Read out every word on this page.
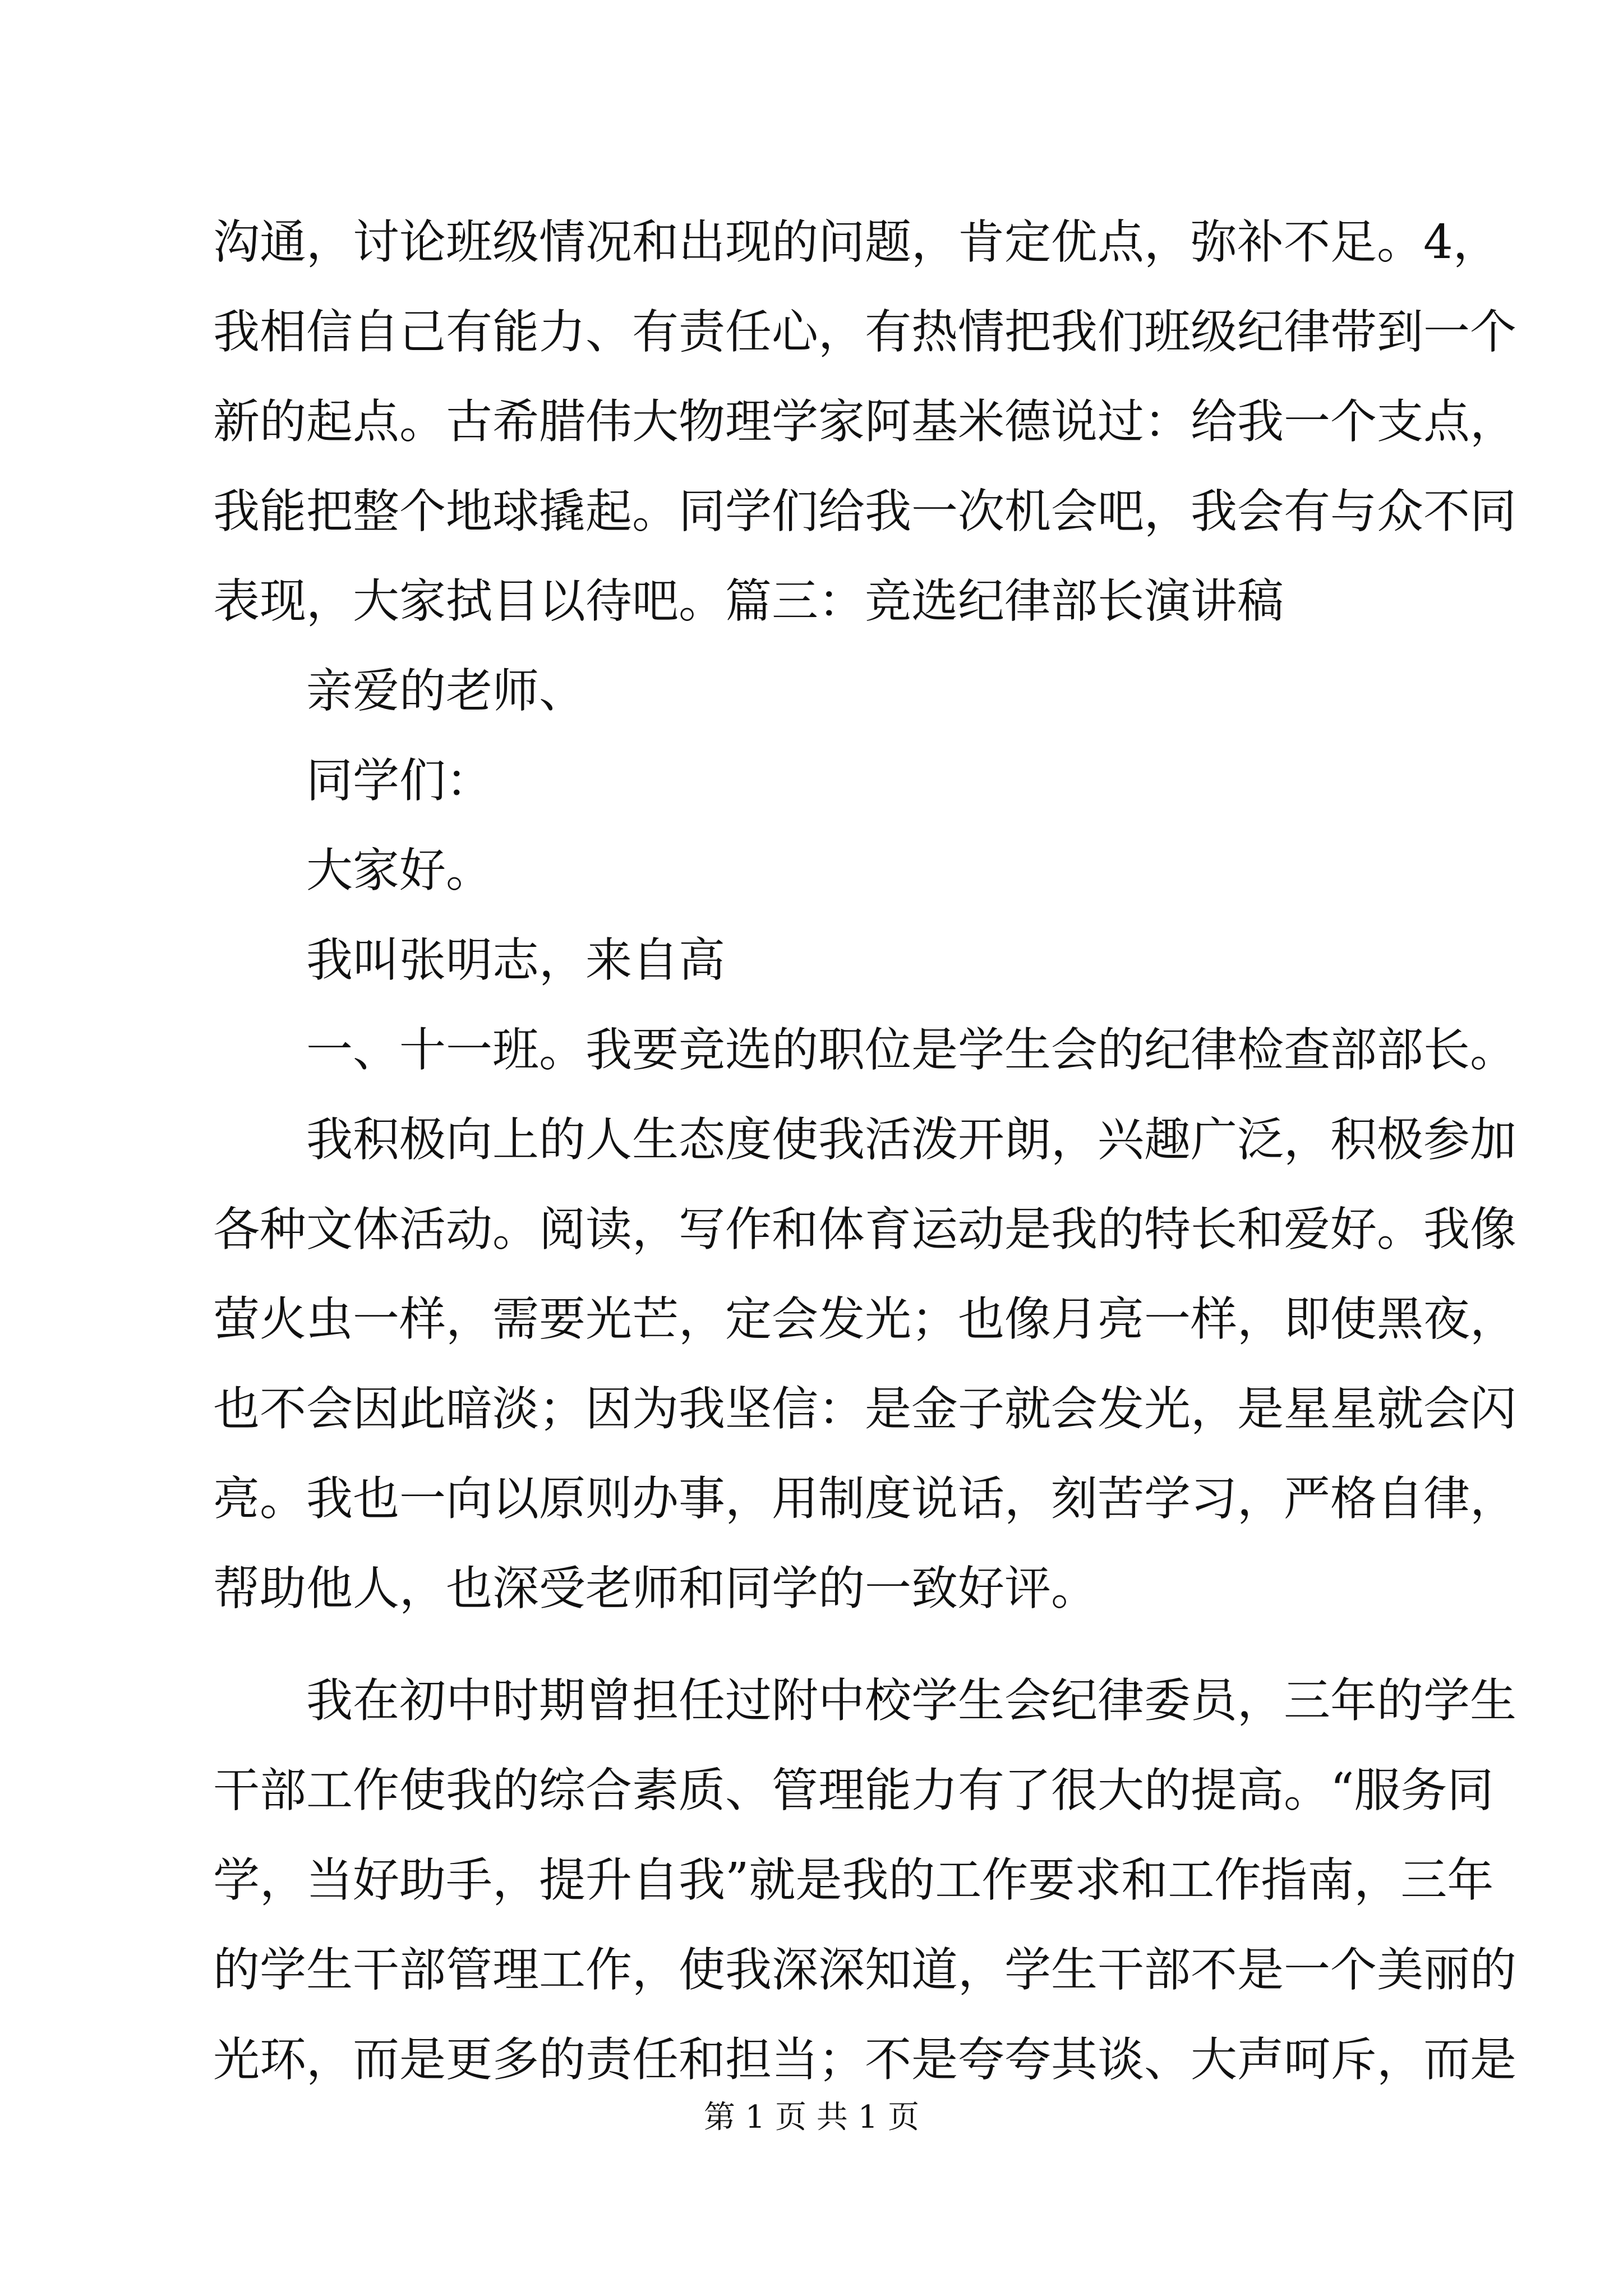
沟通，讨论班级情况和出现的问题，肯定优点，弥补不足。4，
我相信自己有能力、有责任心，有热情把我们班级纪律带到一个
新的起点。古希腊伟大物理学家阿基米德说过：给我一个支点，
我能把整个地球撬起。同学们给我一次机会吧，我会有与众不同
表现，大家拭目以待吧。篇三：竞选纪律部长演讲稿
亲爱的老师、
同学们：
大家好。
我叫张明志，来自高
一、十一班。我要竞选的职位是学生会的纪律检查部部长。
我积极向上的人生态度使我活泼开朗，兴趣广泛，积极参加
各种文体活动。阅读，写作和体育运动是我的特长和爱好。我像
萤火虫一样，需要光芒，定会发光；也像月亮一样，即使黑夜，
也不会因此暗淡；因为我坚信：是金子就会发光，是星星就会闪
亮。我也一向以原则办事，用制度说话，刻苦学习，严格自律，
帮助他人，也深受老师和同学的一致好评。
我在初中时期曾担任过附中校学生会纪律委员，三年的学生
干部工作使我的综合素质、管理能力有了很大的提高。“服务同
学，当好助手，提升自我”就是我的工作要求和工作指南，三年
的学生干部管理工作，使我深深知道，学生干部不是一个美丽的
光环，而是更多的责任和担当；不是夸夸其谈、大声呵斥，而是
第 1 页 共 1 页
